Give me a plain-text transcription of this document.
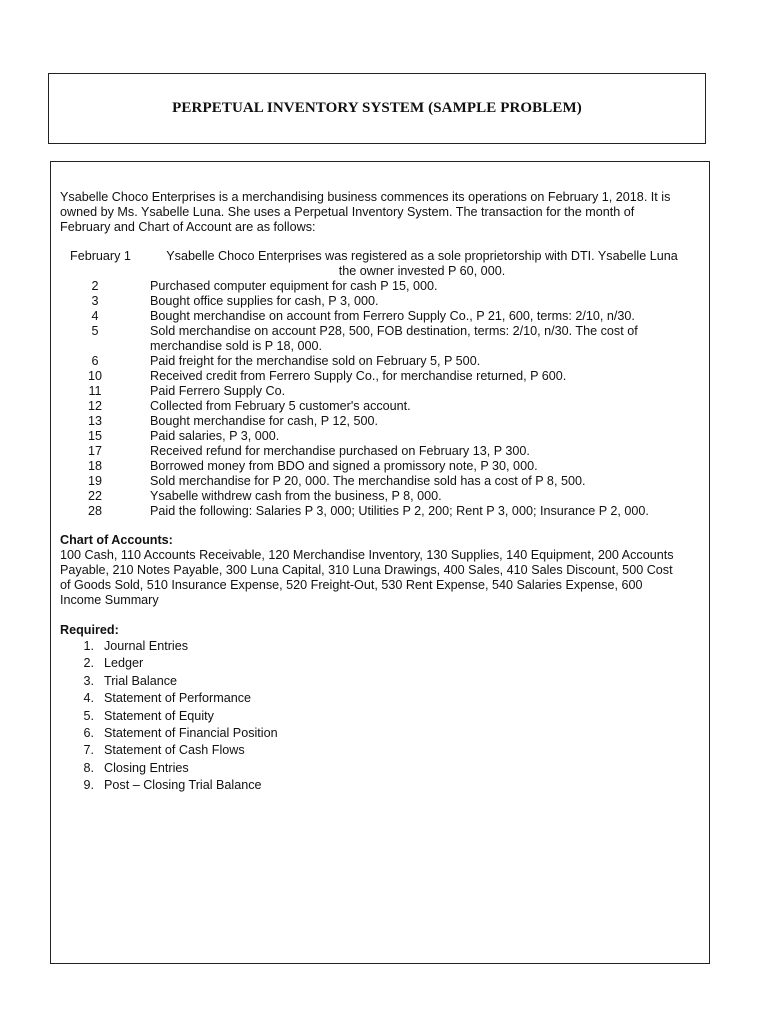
PERPETUAL INVENTORY SYSTEM (SAMPLE PROBLEM)

Ysabelle Choco Enterprises is a merchandising business commences its operations on February 1, 2018. It is owned by Ms. Ysabelle Luna. She uses a Perpetual Inventory System. The transaction for the month of February and Chart of Account are as follows:

February 1	Ysabelle Choco Enterprises was registered as a sole proprietorship with DTI. Ysabelle Luna the owner invested P 60, 000.
2	Purchased computer equipment for cash P 15, 000.
3	Bought office supplies for cash, P 3, 000.
4	Bought merchandise on account from Ferrero Supply Co., P 21, 600, terms: 2/10, n/30.
5	Sold merchandise on account P28, 500, FOB destination, terms: 2/10, n/30. The cost of merchandise sold is P 18, 000.
6	Paid freight for the merchandise sold on February 5, P 500.
10	Received credit from Ferrero Supply Co., for merchandise returned, P 600.
11	Paid Ferrero Supply Co.
12	Collected from February 5 customer's account.
13	Bought merchandise for cash, P 12, 500.
15	Paid salaries, P 3, 000.
17	Received refund for merchandise purchased on February 13, P 300.
18	Borrowed money from BDO and signed a promissory note, P 30, 000.
19	Sold merchandise for P 20, 000. The merchandise sold has a cost of P 8, 500.
22	Ysabelle withdrew cash from the business, P 8, 000.
28	Paid the following: Salaries P 3, 000; Utilities P 2, 200; Rent P 3, 000; Insurance P 2, 000.

Chart of Accounts:

100 Cash, 110 Accounts Receivable, 120 Merchandise Inventory, 130 Supplies, 140 Equipment, 200 Accounts Payable, 210 Notes Payable, 300 Luna Capital, 310 Luna Drawings, 400 Sales, 410 Sales Discount, 500 Cost of Goods Sold, 510 Insurance Expense, 520 Freight-Out, 530 Rent Expense, 540 Salaries Expense, 600 Income Summary

Required:

1. Journal Entries
2. Ledger
3. Trial Balance
4. Statement of Performance
5. Statement of Equity
6. Statement of Financial Position
7. Statement of Cash Flows
8. Closing Entries
9. Post – Closing Trial Balance
